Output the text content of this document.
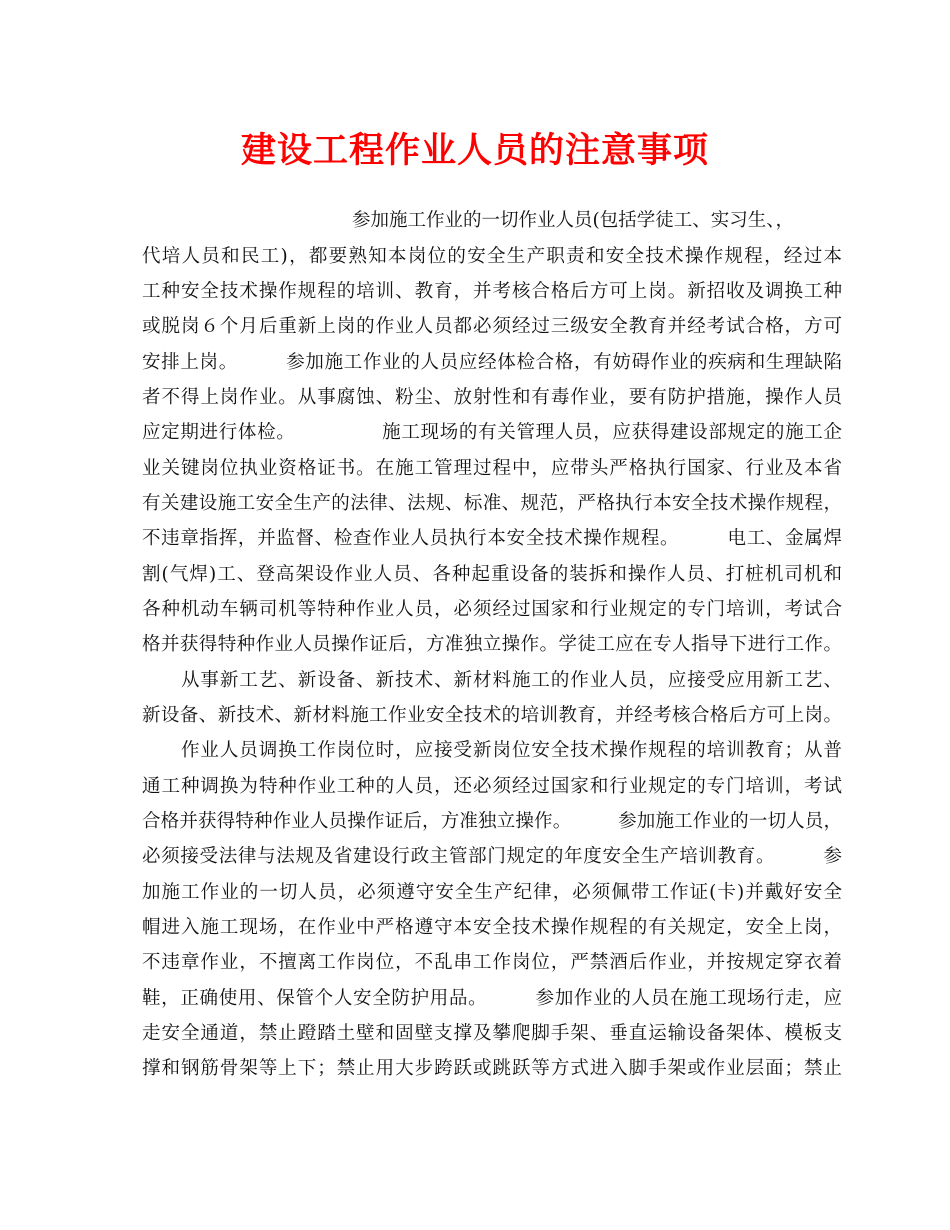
建设工程作业人员的注意事项
参加施工作业的一切作业人员(包括学徒工、实习生、，
代培人员和民工)，都要熟知本岗位的安全生产职责和安全技术操作规程，经过本
工种安全技术操作规程的培训、教育，并考核合格后方可上岗。新招收及调换工种
或脱岗６个月后重新上岗的作业人员都必须经过三级安全教育并经考试合格，方可
安排上岗。　　　参加施工作业的人员应经体检合格，有妨碍作业的疾病和生理缺陷
者不得上岗作业。从事腐蚀、粉尘、放射性和有毒作业，要有防护措施，操作人员
应定期进行体检。　　　　　施工现场的有关管理人员，应获得建设部规定的施工企
业关键岗位执业资格证书。在施工管理过程中，应带头严格执行国家、行业及本省
有关建设施工安全生产的法律、法规、标准、规范，严格执行本安全技术操作规程，
不违章指挥，并监督、检查作业人员执行本安全技术操作规程。　　　电工、金属焊
割(气焊)工、登高架设作业人员、各种起重设备的装拆和操作人员、打桩机司机和
各种机动车辆司机等特种作业人员，必须经过国家和行业规定的专门培训，考试合
格并获得特种作业人员操作证后，方准独立操作。学徒工应在专人指导下进行工作。
　　从事新工艺、新设备、新技术、新材料施工的作业人员，应接受应用新工艺、
新设备、新技术、新材料施工作业安全技术的培训教育，并经考核合格后方可上岗。
　　作业人员调换工作岗位时，应接受新岗位安全技术操作规程的培训教育；从普
通工种调换为特种作业工种的人员，还必须经过国家和行业规定的专门培训，考试
合格并获得特种作业人员操作证后，方准独立操作。　　　参加施工作业的一切人员，
必须接受法律与法规及省建设行政主管部门规定的年度安全生产培训教育。　　　参
加施工作业的一切人员，必须遵守安全生产纪律，必须佩带工作证(卡)并戴好安全
帽进入施工现场，在作业中严格遵守本安全技术操作规程的有关规定，安全上岗，
不违章作业，不擅离工作岗位，不乱串工作岗位，严禁酒后作业，并按规定穿衣着
鞋，正确使用、保管个人安全防护用品。　　　参加作业的人员在施工现场行走，应
走安全通道，禁止蹬踏土壁和固壁支撑及攀爬脚手架、垂直运输设备架体、模板支
撑和钢筋骨架等上下；禁止用大步跨跃或跳跃等方式进入脚手架或作业层面；禁止
